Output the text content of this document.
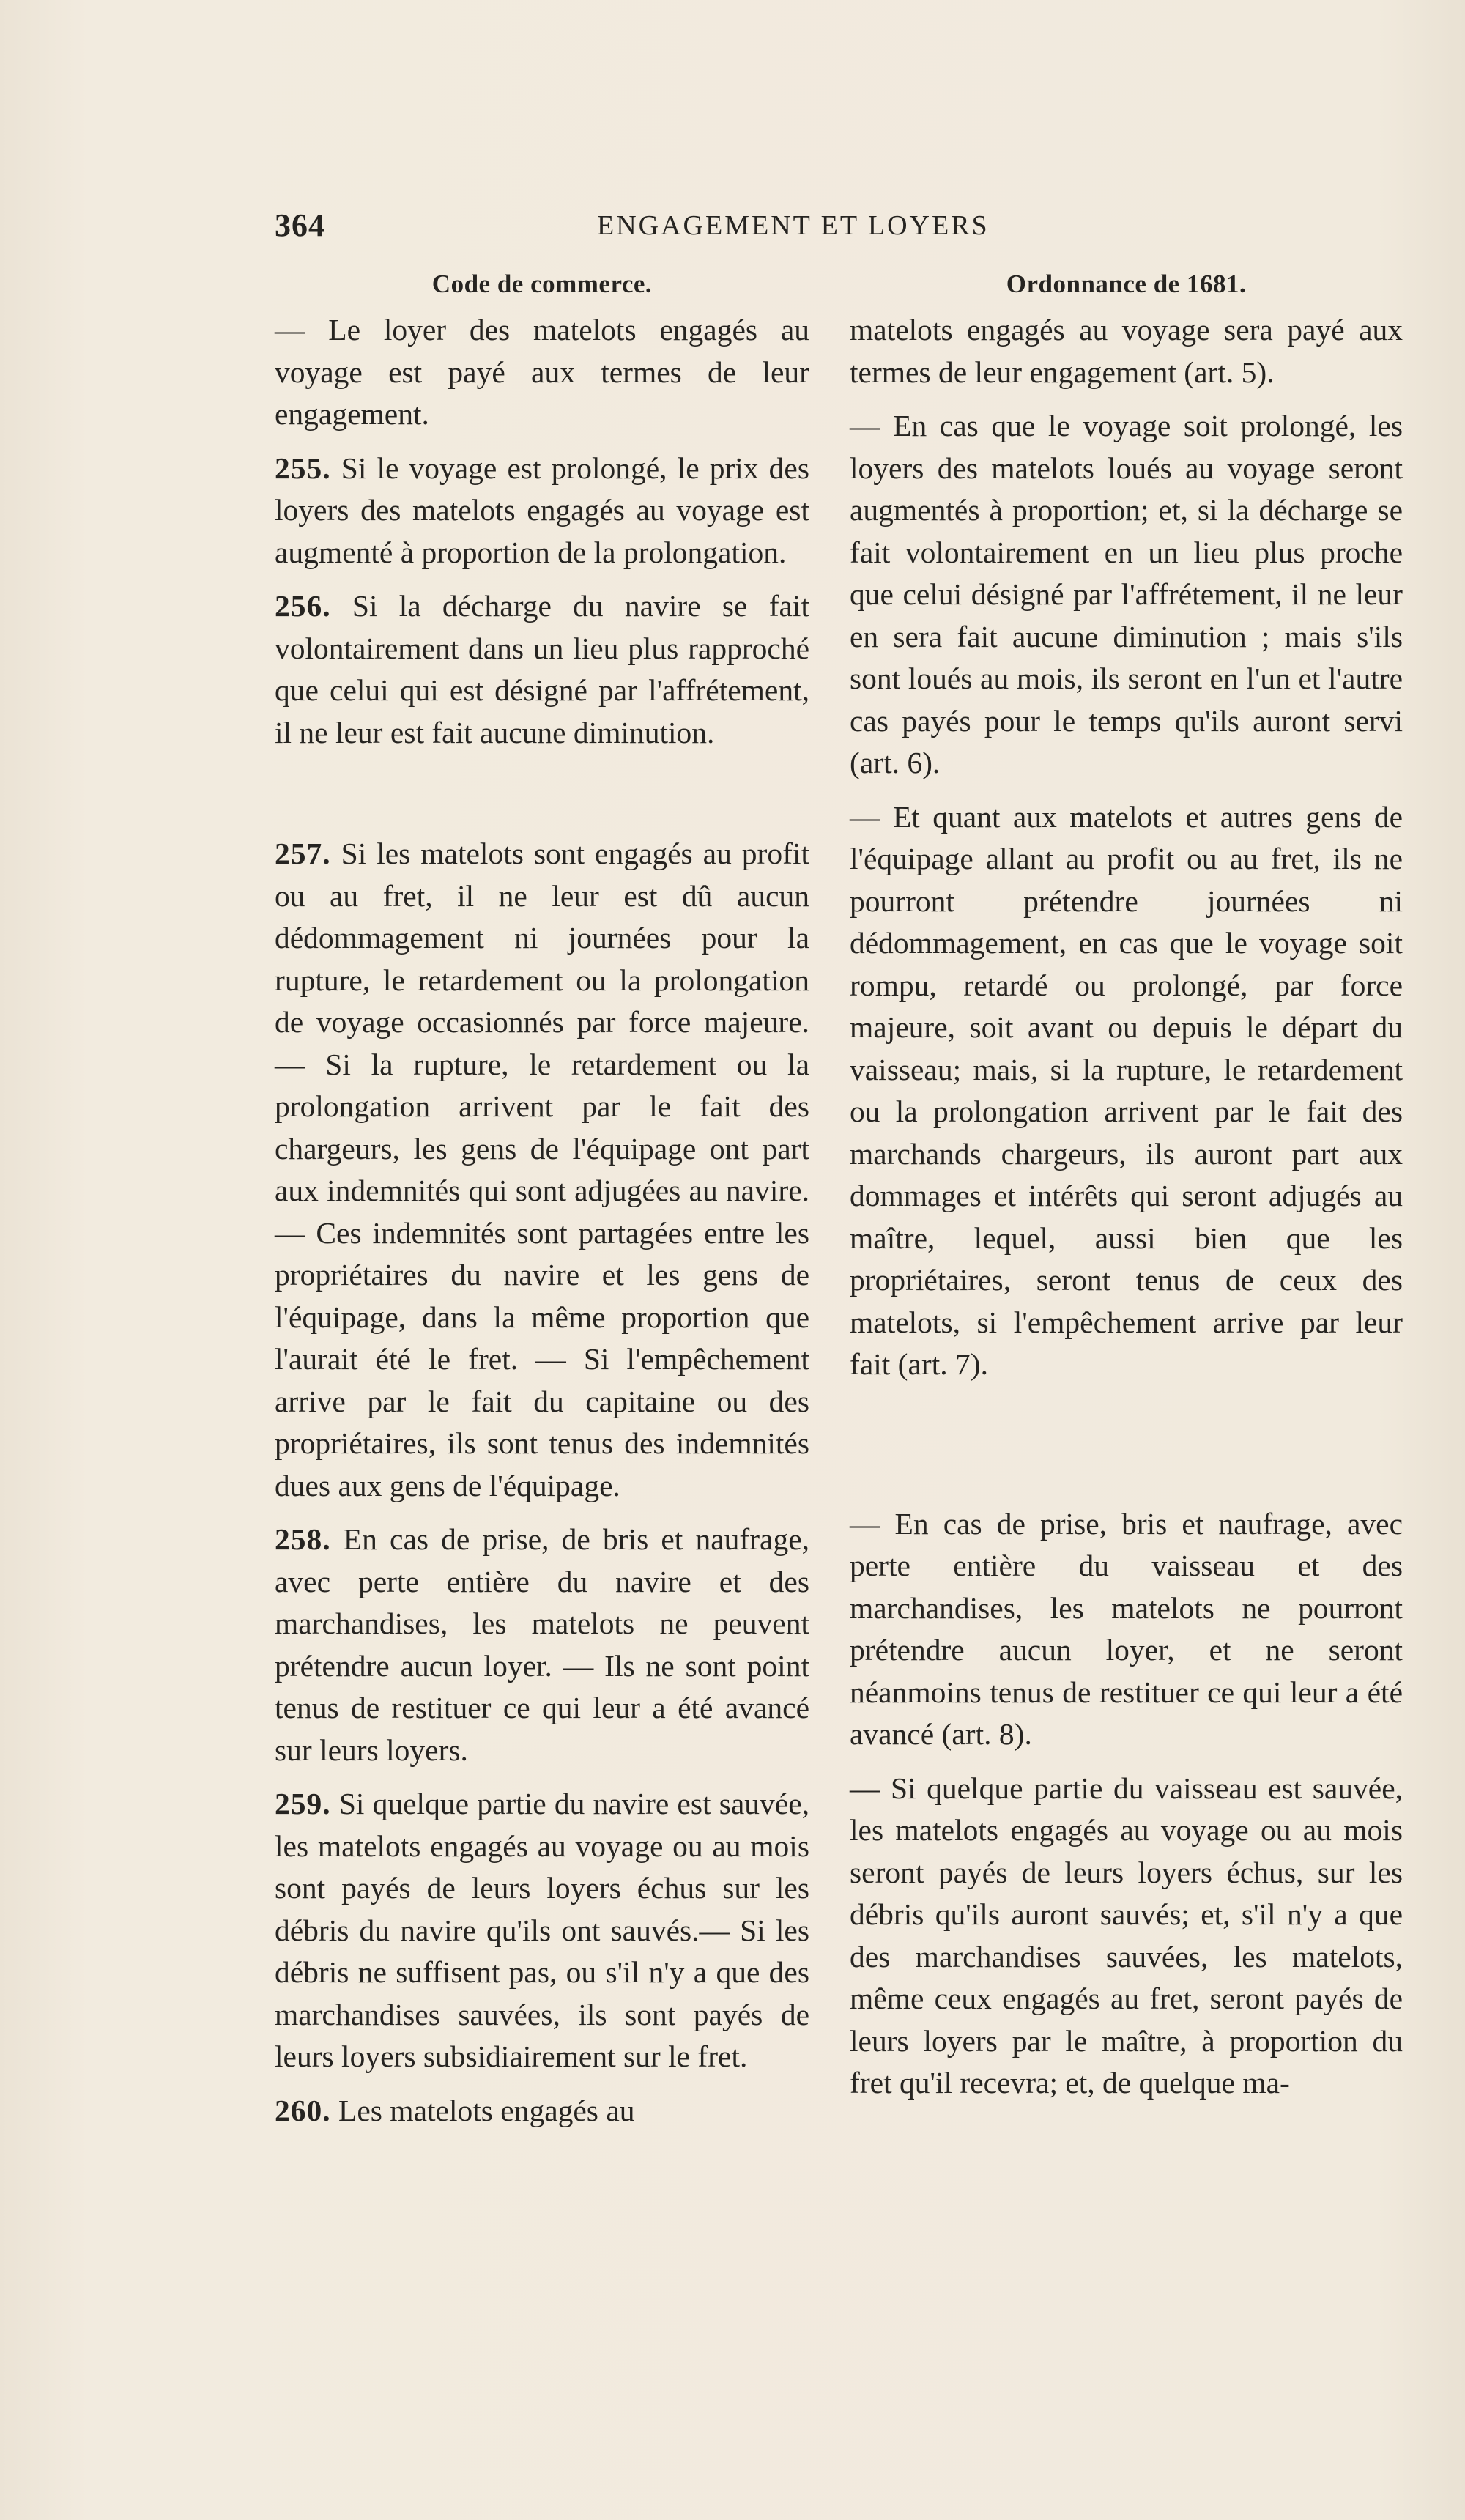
364	ENGAGEMENT ET LOYERS
Code de commerce.

— Le loyer des matelots engagés au voyage est payé aux termes de leur engagement.

255. Si le voyage est prolongé, le prix des loyers des matelots engagés au voyage est augmenté à proportion de la prolongation.

256. Si la décharge du navire se fait volontairement dans un lieu plus rapproché que celui qui est désigné par l'affrétement, il ne leur est fait aucune diminution.

257. Si les matelots sont engagés au profit ou au fret, il ne leur est dû aucun dédommagement ni journées pour la rupture, le retardement ou la prolongation de voyage occasionnés par force majeure. — Si la rupture, le retardement ou la prolongation arrivent par le fait des chargeurs, les gens de l'équipage ont part aux indemnités qui sont adjugées au navire. — Ces indemnités sont partagées entre les propriétaires du navire et les gens de l'équipage, dans la même proportion que l'aurait été le fret. — Si l'empêchement arrive par le fait du capitaine ou des propriétaires, ils sont tenus des indemnités dues aux gens de l'équipage.

258. En cas de prise, de bris et naufrage, avec perte entière du navire et des marchandises, les matelots ne peuvent prétendre aucun loyer. — Ils ne sont point tenus de restituer ce qui leur a été avancé sur leurs loyers.

259. Si quelque partie du navire est sauvée, les matelots engagés au voyage ou au mois sont payés de leurs loyers échus sur les débris du navire qu'ils ont sauvés.— Si les débris ne suffisent pas, ou s'il n'y a que des marchandises sauvées, ils sont payés de leurs loyers subsidiairement sur le fret.

260. Les matelots engagés au

Ordonnance de 1681.

matelots engagés au voyage sera payé aux termes de leur engagement (art. 5).

— En cas que le voyage soit prolongé, les loyers des matelots loués au voyage seront augmentés à proportion; et, si la décharge se fait volontairement en un lieu plus proche que celui désigné par l'affrétement, il ne leur en sera fait aucune diminution ; mais s'ils sont loués au mois, ils seront en l'un et l'autre cas payés pour le temps qu'ils auront servi (art. 6).

— Et quant aux matelots et autres gens de l'équipage allant au profit ou au fret, ils ne pourront prétendre journées ni dédommagement, en cas que le voyage soit rompu, retardé ou prolongé, par force majeure, soit avant ou depuis le départ du vaisseau; mais, si la rupture, le retardement ou la prolongation arrivent par le fait des marchands chargeurs, ils auront part aux dommages et intérêts qui seront adjugés au maître, lequel, aussi bien que les propriétaires, seront tenus de ceux des matelots, si l'empêchement arrive par leur fait (art. 7).

— En cas de prise, bris et naufrage, avec perte entière du vaisseau et des marchandises, les matelots ne pourront prétendre aucun loyer, et ne seront néanmoins tenus de restituer ce qui leur a été avancé (art. 8).

— Si quelque partie du vaisseau est sauvée, les matelots engagés au voyage ou au mois seront payés de leurs loyers échus, sur les débris qu'ils auront sauvés; et, s'il n'y a que des marchandises sauvées, les matelots, même ceux engagés au fret, seront payés de leurs loyers par le maître, à proportion du fret qu'il recevra; et, de quelque ma-
